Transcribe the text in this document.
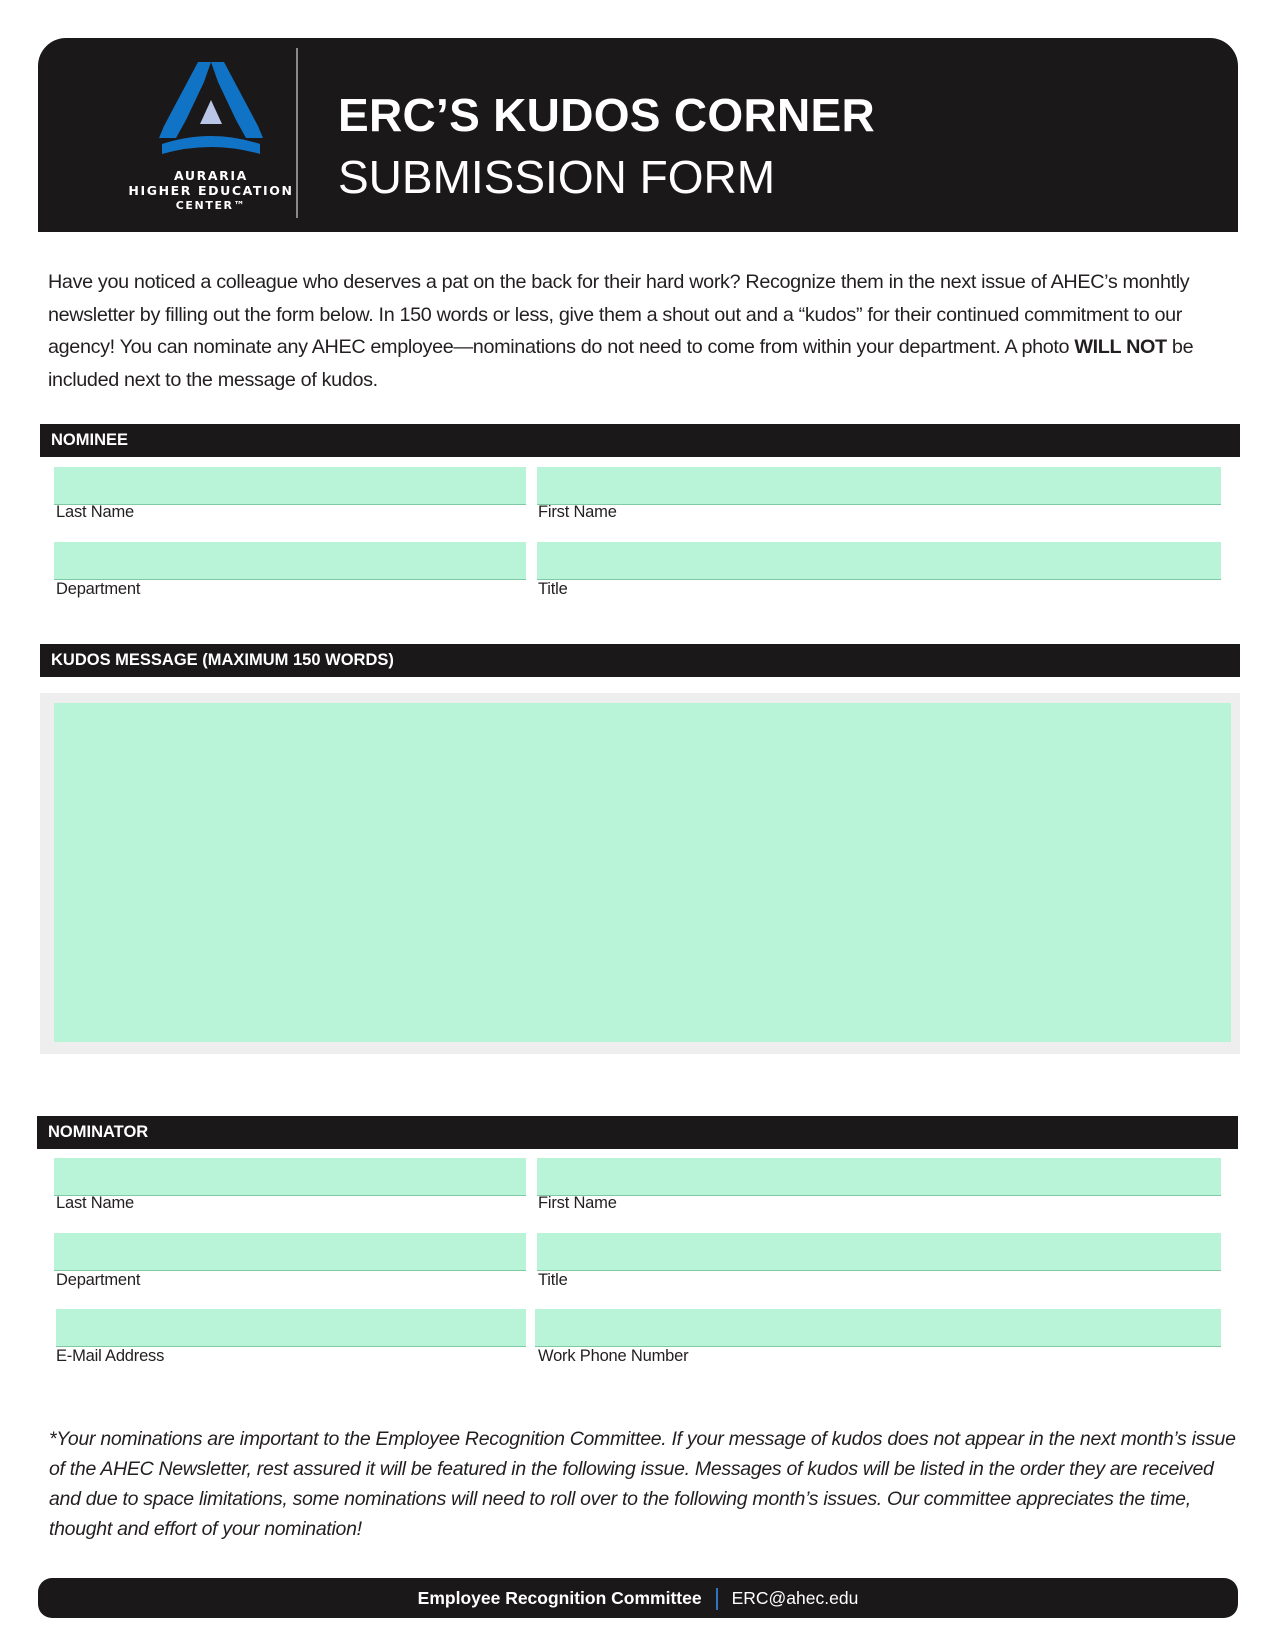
AURARIA
HIGHER EDUCATION
CENTER™
ERC’S KUDOS CORNER
SUBMISSION FORM
Have you noticed a colleague who deserves a pat on the back for their hard work? Recognize them in the next issue of AHEC’s monhtly newsletter by filling out the form below. In 150 words or less, give them a shout out and a “kudos” for their continued commitment to our agency! You can nominate any AHEC employee—nominations do not need to come from within your department. A photo WILL NOT be included next to the message of kudos.
NOMINEE
Last Name	First Name
Department	Title
KUDOS MESSAGE (MAXIMUM 150 WORDS)
NOMINATOR
Last Name	First Name
Department	Title
E-Mail Address	Work Phone Number
*Your nominations are important to the Employee Recognition Committee. If your message of kudos does not appear in the next month’s issue of the AHEC Newsletter, rest assured it will be featured in the following issue. Messages of kudos will be listed in the order they are received and due to space limitations, some nominations will need to roll over to the following month’s issues. Our committee appreciates the time, thought and effort of your nomination!
Employee Recognition Committee ERC@ahec.edu
